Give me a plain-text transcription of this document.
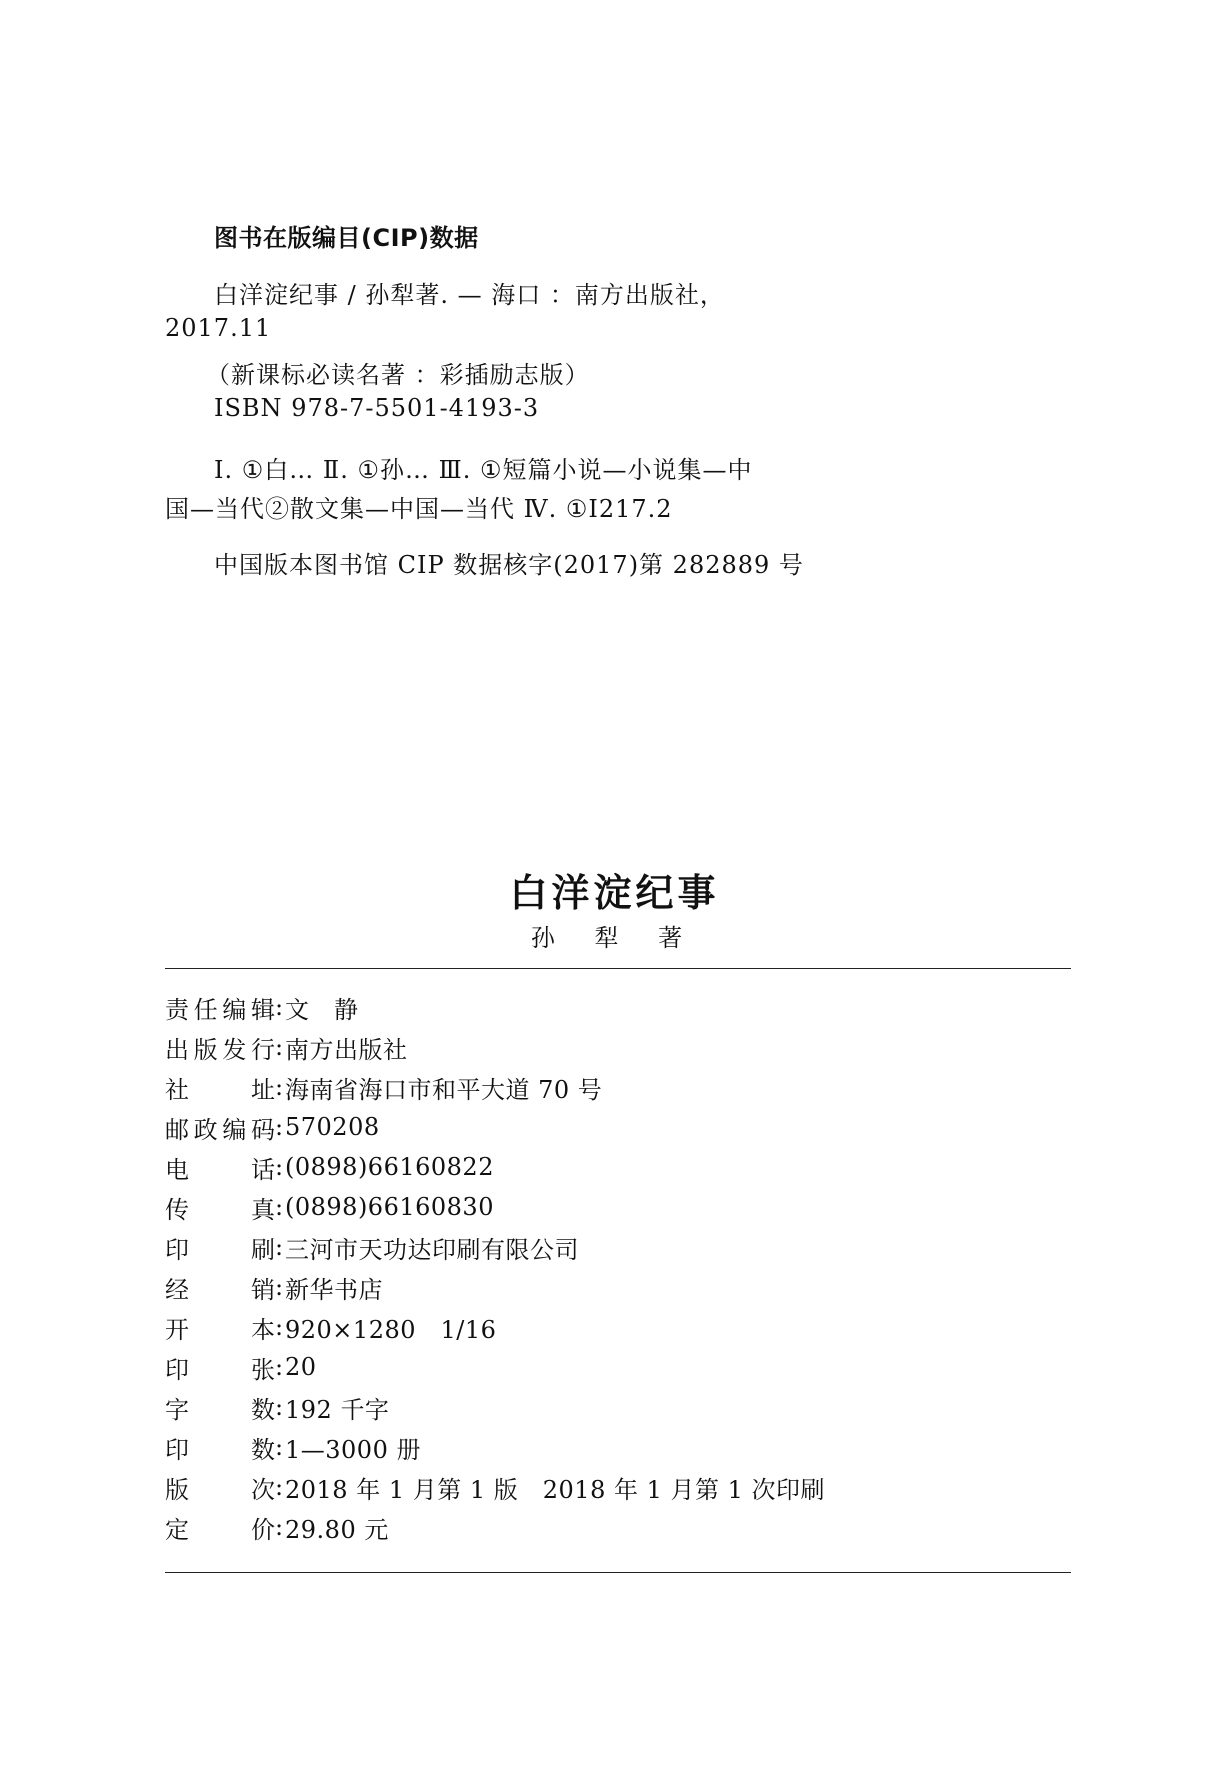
图书在版编目(CIP)数据
白洋淀纪事 / 孙犁著. — 海口 ：南方出版社，
2017.11
（新课标必读名著 ：彩插励志版）
ISBN 978-7-5501-4193-3
Ⅰ. ①白… Ⅱ. ①孙… Ⅲ. ①短篇小说—小说集—中
国—当代②散文集—中国—当代 Ⅳ. ①I217.2
中国版本图书馆 CIP 数据核字(2017)第 282889 号
白洋淀纪事
孙 犁 著
责任编辑 : 文　静
出版发行 : 南方出版社
社址 : 海南省海口市和平大道 70 号
邮政编码 : 570208
电话 : (0898)66160822
传真 : (0898)66160830
印刷 : 三河市天功达印刷有限公司
经销 : 新华书店
开本 : 920×1280　1/16
印张 : 20
字数 : 192 千字
印数 : 1—3000 册
版次 : 2018 年 1 月第 1 版　2018 年 1 月第 1 次印刷
定价 : 29.80 元
